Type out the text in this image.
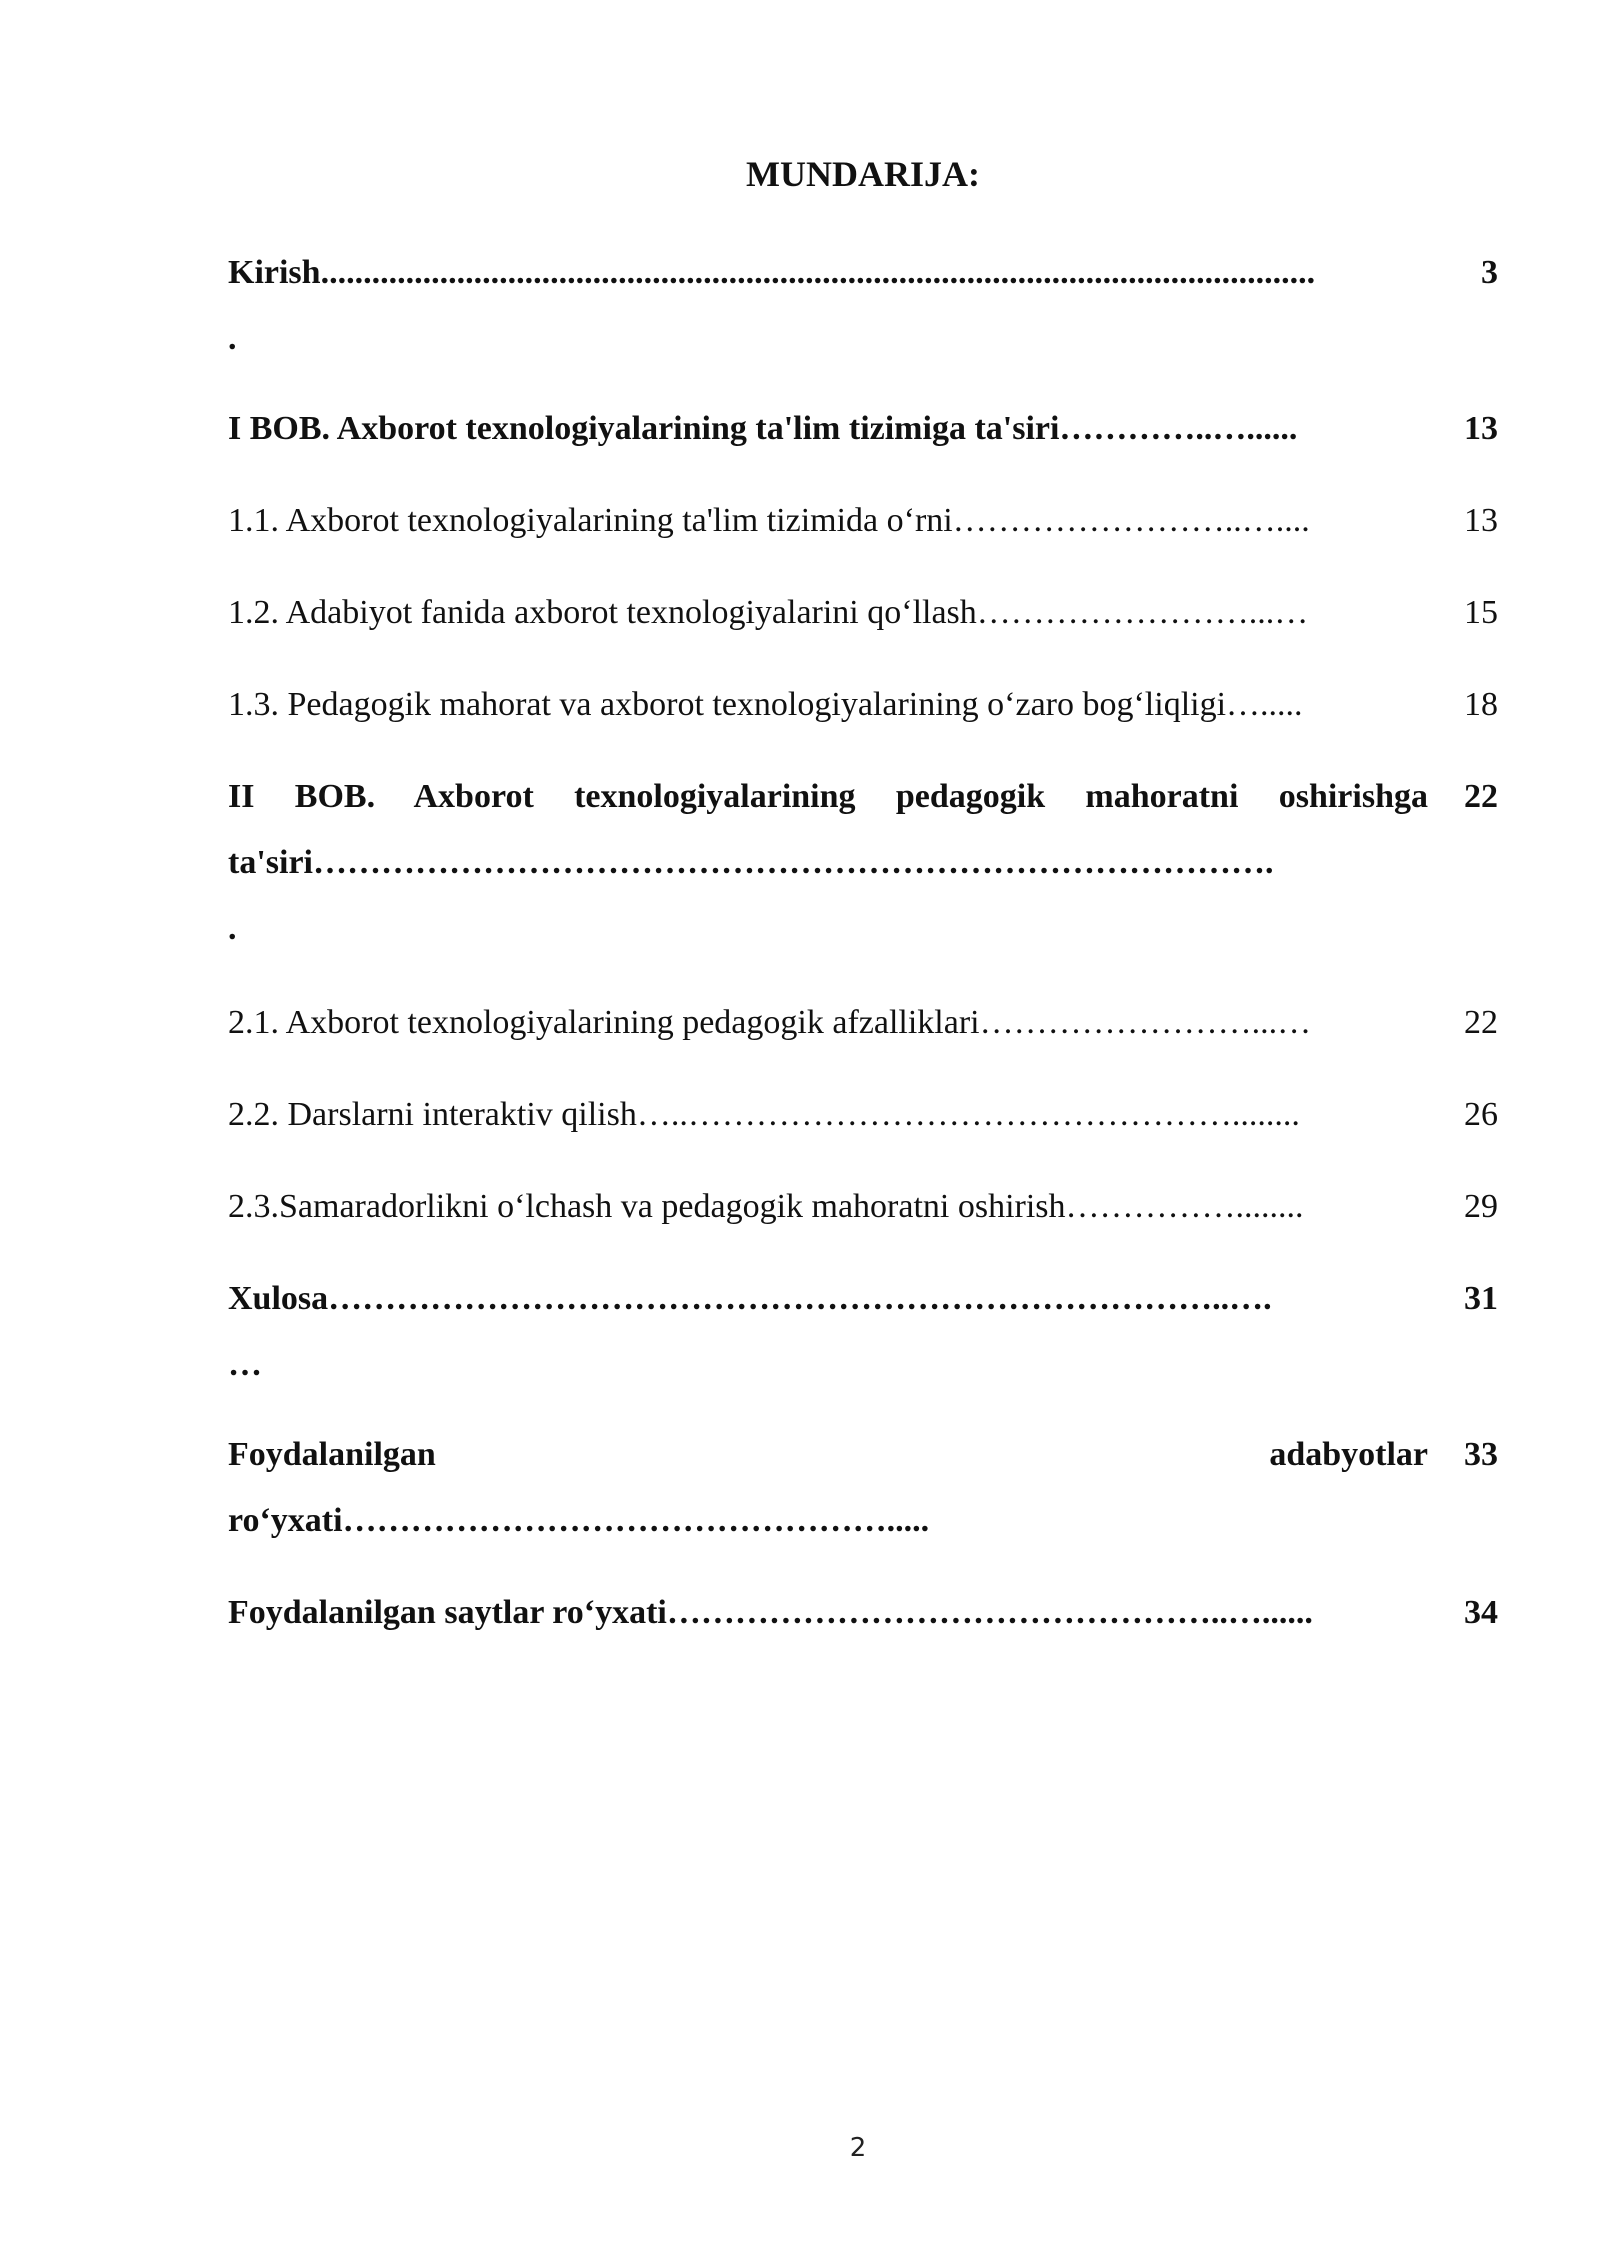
MUNDARIJA:
Kirish.....................................................................................................................	3
.
I BOB. Axborot texnologiyalarining ta'lim tizimiga ta'siri…………..…......	13
1.1. Axborot texnologiyalarining ta'lim tizimida o‘rni……………………..…....	13
1.2. Adabiyot fanida axborot texnologiyalarini qo‘llash……………………...…	15
1.3. Pedagogik mahorat va axborot texnologiyalarining o‘zaro bog‘liqligi….....	18
II BOB. Axborot texnologiyalarining pedagogik mahoratni oshirishga	22
ta'siri………………………………………………………………………….
.
2.1. Axborot texnologiyalarining pedagogik afzalliklari……………………...…	22
2.2. Darslarni interaktiv qilish…..…………………………………………........	26
2.3.Samaradorlikni o‘lchash va pedagogik mahoratni oshirish……………........	29
Xulosa……………………………………………………………………..….	31
…
Foydalanilgan	adabyotlar	33
ro‘yxati………………………………………….....
Foydalanilgan saytlar ro‘yxati…………………………………………..…......	34
2
